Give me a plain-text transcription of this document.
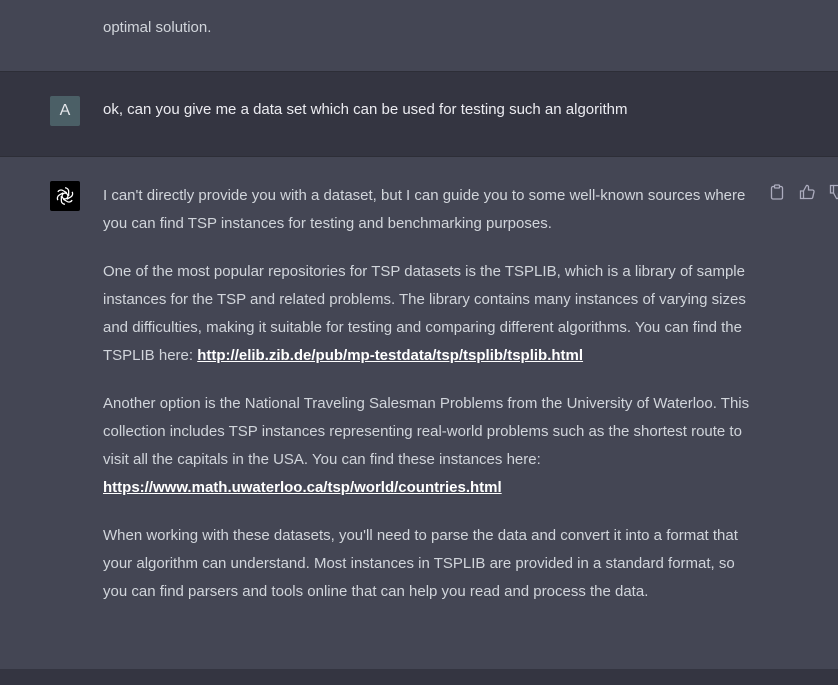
optimal solution.
A	ok, can you give me a data set which can be used for testing such an algorithm

I can't directly provide you with a dataset, but I can guide you to some well-known sources where you can find TSP instances for testing and benchmarking purposes.

One of the most popular repositories for TSP datasets is the TSPLIB, which is a library of sample instances for the TSP and related problems. The library contains many instances of varying sizes and difficulties, making it suitable for testing and comparing different algorithms. You can find the TSPLIB here: http://elib.zib.de/pub/mp-testdata/tsp/tsplib/tsplib.html

Another option is the National Traveling Salesman Problems from the University of Waterloo. This collection includes TSP instances representing real-world problems such as the shortest route to visit all the capitals in the USA. You can find these instances here: https://www.math.uwaterloo.ca/tsp/world/countries.html

When working with these datasets, you'll need to parse the data and convert it into a format that your algorithm can understand. Most instances in TSPLIB are provided in a standard format, so you can find parsers and tools online that can help you read and process the data.
